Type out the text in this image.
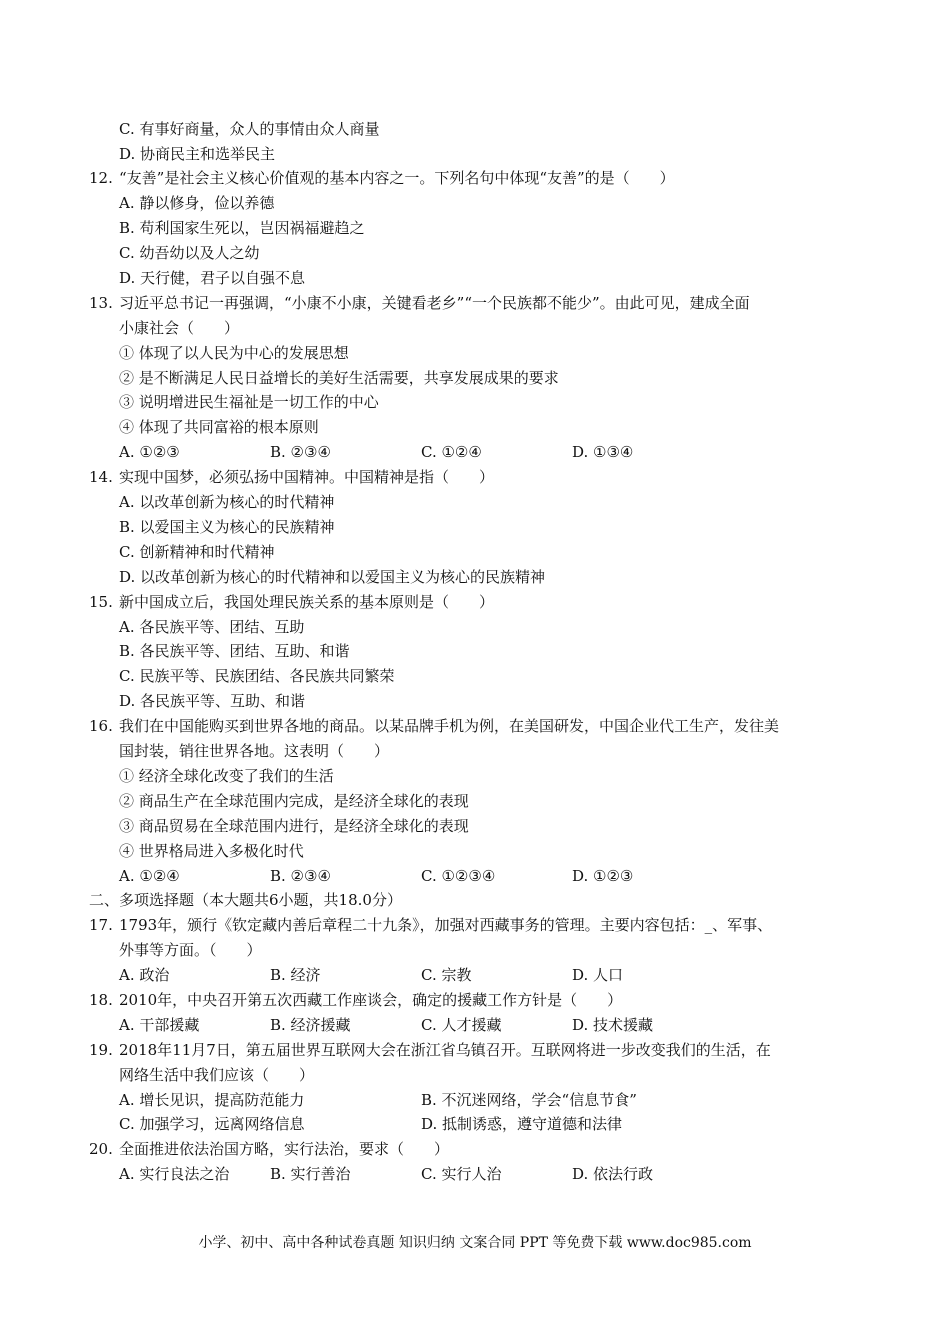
C. 有事好商量，众人的事情由众人商量
D. 协商民主和选举民主
12. “友善”是社会主义核心价值观的基本内容之一。下列名句中体现“友善”的是（　　）
A. 静以修身，俭以养德
B. 苟利国家生死以，岂因祸福避趋之
C. 幼吾幼以及人之幼
D. 天行健，君子以自强不息
13. 习近平总书记一再强调，“小康不小康，关键看老乡”“一个民族都不能少”。由此可见，建成全面
小康社会（　　）
① 体现了以人民为中心的发展思想
② 是不断满足人民日益增长的美好生活需要，共享发展成果的要求
③ 说明增进民生福祉是一切工作的中心
④ 体现了共同富裕的根本原则
A. ①②③	B. ②③④	C. ①②④	D. ①③④
14. 实现中国梦，必须弘扬中国精神。中国精神是指（　　）
A. 以改革创新为核心的时代精神
B. 以爱国主义为核心的民族精神
C. 创新精神和时代精神
D. 以改革创新为核心的时代精神和以爱国主义为核心的民族精神
15. 新中国成立后，我国处理民族关系的基本原则是（　　）
A. 各民族平等、团结、互助
B. 各民族平等、团结、互助、和谐
C. 民族平等、民族团结、各民族共同繁荣
D. 各民族平等、互助、和谐
16. 我们在中国能购买到世界各地的商品。以某品牌手机为例，在美国研发，中国企业代工生产，发往美
国封装，销往世界各地。这表明（　　）
① 经济全球化改变了我们的生活
② 商品生产在全球范围内完成，是经济全球化的表现
③ 商品贸易在全球范围内进行，是经济全球化的表现
④ 世界格局进入多极化时代
A. ①②④	B. ②③④	C. ①②③④	D. ①②③
二、多项选择题（本大题共6小题，共18.0分）
17. 1793年，颁行《钦定藏内善后章程二十九条》，加强对西藏事务的管理。主要内容包括：_、军事、
外事等方面。（　　）
A. 政治	B. 经济	C. 宗教	D. 人口
18. 2010年，中央召开第五次西藏工作座谈会，确定的援藏工作方针是（　　）
A. 干部援藏	B. 经济援藏	C. 人才援藏	D. 技术援藏
19. 2018年11月7日，第五届世界互联网大会在浙江省乌镇召开。互联网将进一步改变我们的生活，在
网络生活中我们应该（　　）
A. 增长见识，提高防范能力	B. 不沉迷网络，学会“信息节食”
C. 加强学习，远离网络信息	D. 抵制诱惑，遵守道德和法律
20. 全面推进依法治国方略，实行法治，要求（　　）
A. 实行良法之治	B. 实行善治	C. 实行人治	D. 依法行政
小学、初中、高中各种试卷真题 知识归纳 文案合同 PPT 等免费下载 www.doc985.com
